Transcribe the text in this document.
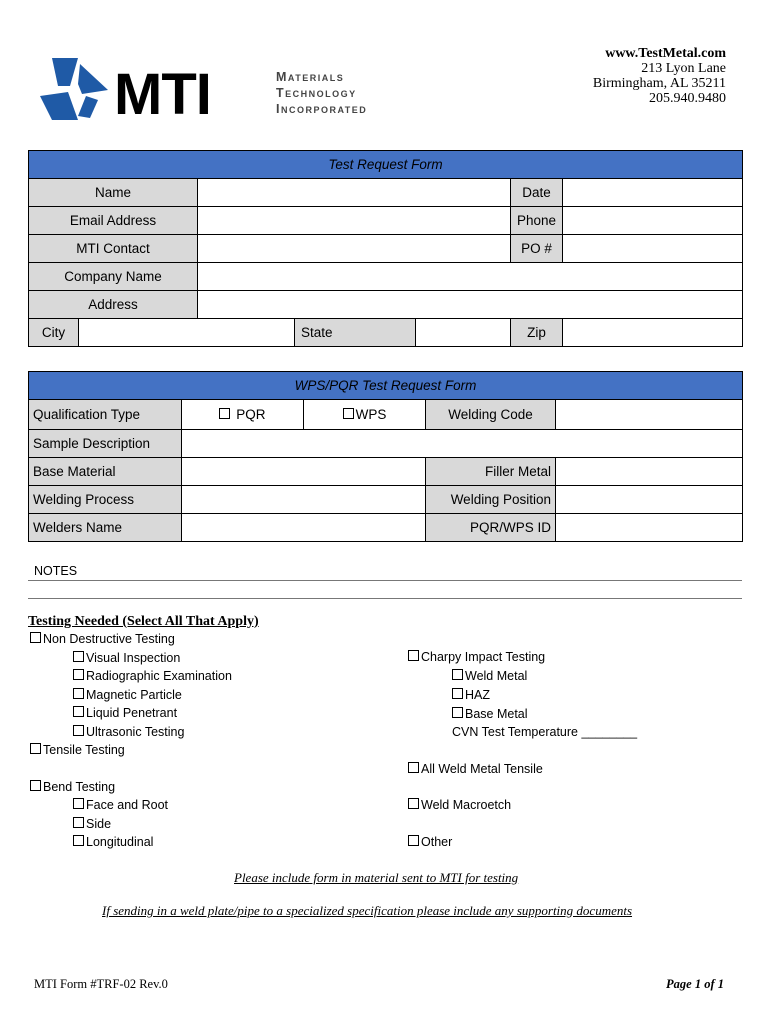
MTI	Materials
Technology
Incorporated
www.TestMetal.com
213 Lyon Lane
Birmingham, AL 35211
205.940.9480
Test Request Form						
Name					Date	
Email Address					Phone	
MTI Contact					PO #	
Company Name						
Address						
City			State		Zip	
WPS/PQR Test Request Form				
Qualification Type	PQR	WPS	Welding Code	
Sample Description				
Base Material			Filler Metal	
Welding Process			Welding Position	
Welders Name			PQR/WPS ID	
NOTES
Testing Needed (Select All That Apply)
CVN Test Temperature ________
Please include form in material sent to MTI for testing
If sending in a weld plate/pipe to a specialized specification please include any supporting documents
MTI Form #TRF-02 Rev.0	Page 1 of 1
Non Destructive Testing
Visual Inspection
Radiographic Examination
Magnetic Particle
Liquid Penetrant
Ultrasonic Testing
Tensile Testing
Bend Testing
Face and Root
Side
Longitudinal
Charpy Impact Testing
Weld Metal
HAZ
Base Metal
All Weld Metal Tensile
Weld Macroetch
Other
